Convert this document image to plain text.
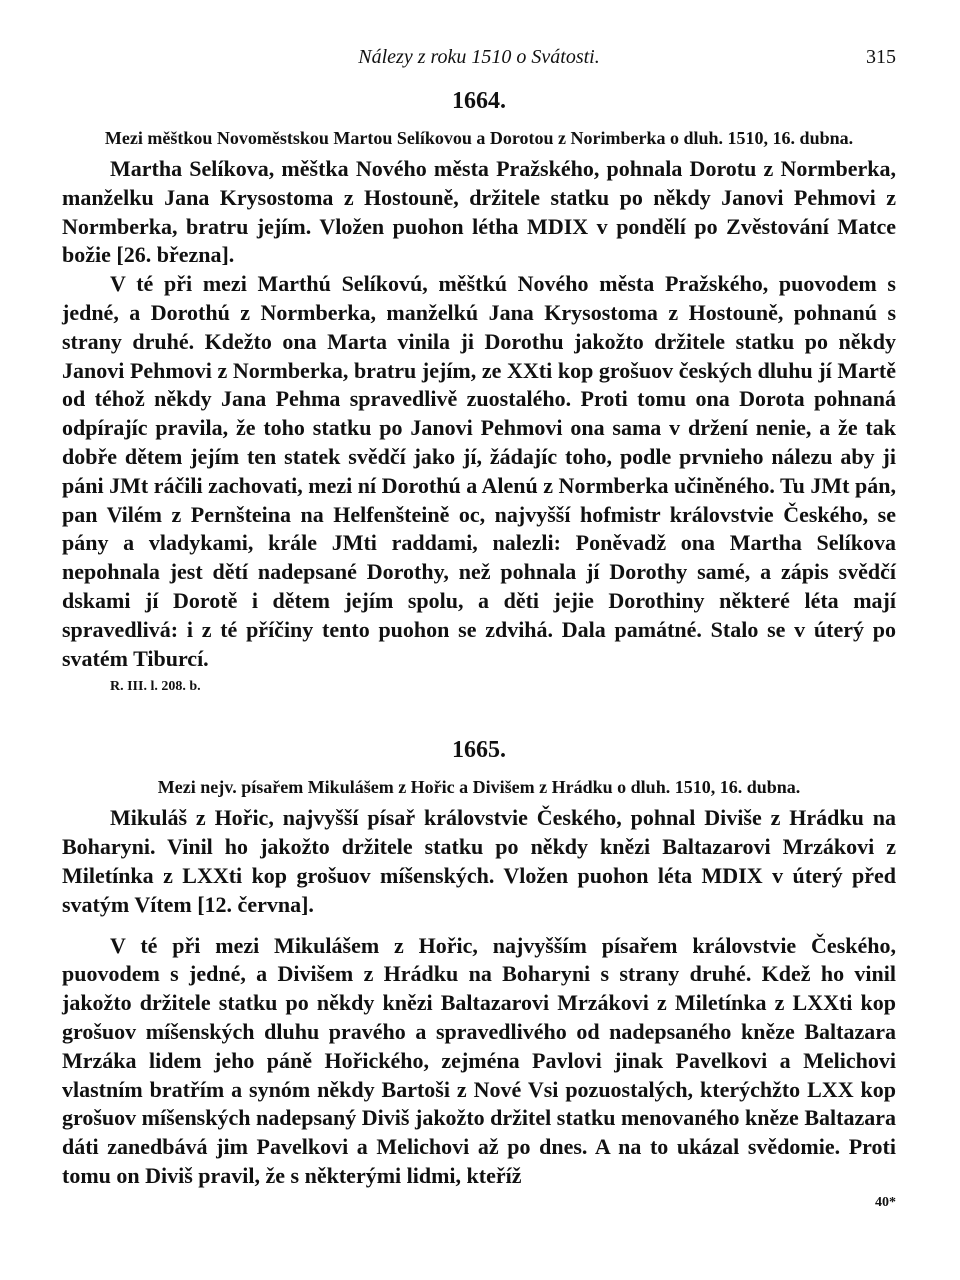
Nálezy z roku 1510 o Svátosti.	315
1664.
Mezi měštkou Novoměstskou Martou Selíkovou a Dorotou z Norimberka o dluh. 1510, 16. dubna.

Martha Selíkova, měštka Nového města Pražského, pohnala Dorotu z Normberka, manželku Jana Krysostoma z Hostouně, držitele statku po někdy Janovi Pehmovi z Normberka, bratru jejím. Vložen puohon létha MDIX v pondělí po Zvěstování Matce božie [26. března].

V té při mezi Marthú Selíkovú, měštkú Nového města Pražského, puovodem s jedné, a Dorothú z Normberka, manželkú Jana Krysostoma z Hostouně, pohnanú s strany druhé. Kdežto ona Marta vinila ji Dorothu jakožto držitele statku po někdy Janovi Pehmovi z Normberka, bratru jejím, ze XXti kop grošuov českých dluhu jí Martě od téhož někdy Jana Pehma spravedlivě zuostalého. Proti tomu ona Dorota pohnaná odpírajíc pravila, že toho statku po Janovi Pehmovi ona sama v držení nenie, a že tak dobře dětem jejím ten statek svědčí jako jí, žádajíc toho, podle prvnieho nálezu aby ji páni JMt ráčili zachovati, mezi ní Dorothú a Alenú z Normberka učiněného. Tu JMt pán, pan Vilém z Pernšteina na Helfenšteině oc, najvyšší hofmistr královstvie Českého, se pány a vladykami, krále JMti raddami, nalezli: Poněvadž ona Martha Selíkova nepohnala jest dětí nadepsané Dorothy, než pohnala jí Dorothy samé, a zápis svědčí dskami jí Dorotě i dětem jejím spolu, a děti jejie Dorothiny některé léta mají spravedlivá: i z té příčiny tento puohon se zdvihá. Dala památné. Stalo se v úterý po svatém Tiburcí.

R. III. l. 208. b.
1665.
Mezi nejv. písařem Mikulášem z Hořic a Divišem z Hrádku o dluh. 1510, 16. dubna.

Mikuláš z Hořic, najvyšší písař královstvie Českého, pohnal Diviše z Hrádku na Boharyni. Vinil ho jakožto držitele statku po někdy knězi Baltazarovi Mrzákovi z Miletínka z LXXti kop grošuov míšenských. Vložen puohon léta MDIX v úterý před svatým Vítem [12. června].

V té při mezi Mikulášem z Hořic, najvyšším písařem královstvie Českého, puovodem s jedné, a Divišem z Hrádku na Boharyni s strany druhé. Kdež ho vinil jakožto držitele statku po někdy knězi Baltazarovi Mrzákovi z Miletínka z LXXti kop grošuov míšenských dluhu pravého a spravedlivého od nadepsaného kněze Baltazara Mrzáka lidem jeho páně Hořického, zejména Pavlovi jinak Pavelkovi a Melichovi vlastním bratřím a synóm někdy Bartoši z Nové Vsi pozuostalých, kterýchžto LXX kop grošuov míšenských nadepsaný Diviš jakožto držitel statku menovaného kněze Baltazara dáti zanedbává jim Pavelkovi a Melichovi až po dnes. A na to ukázal svědomie. Proti tomu on Diviš pravil, že s některými lidmi, kteříž

40*
